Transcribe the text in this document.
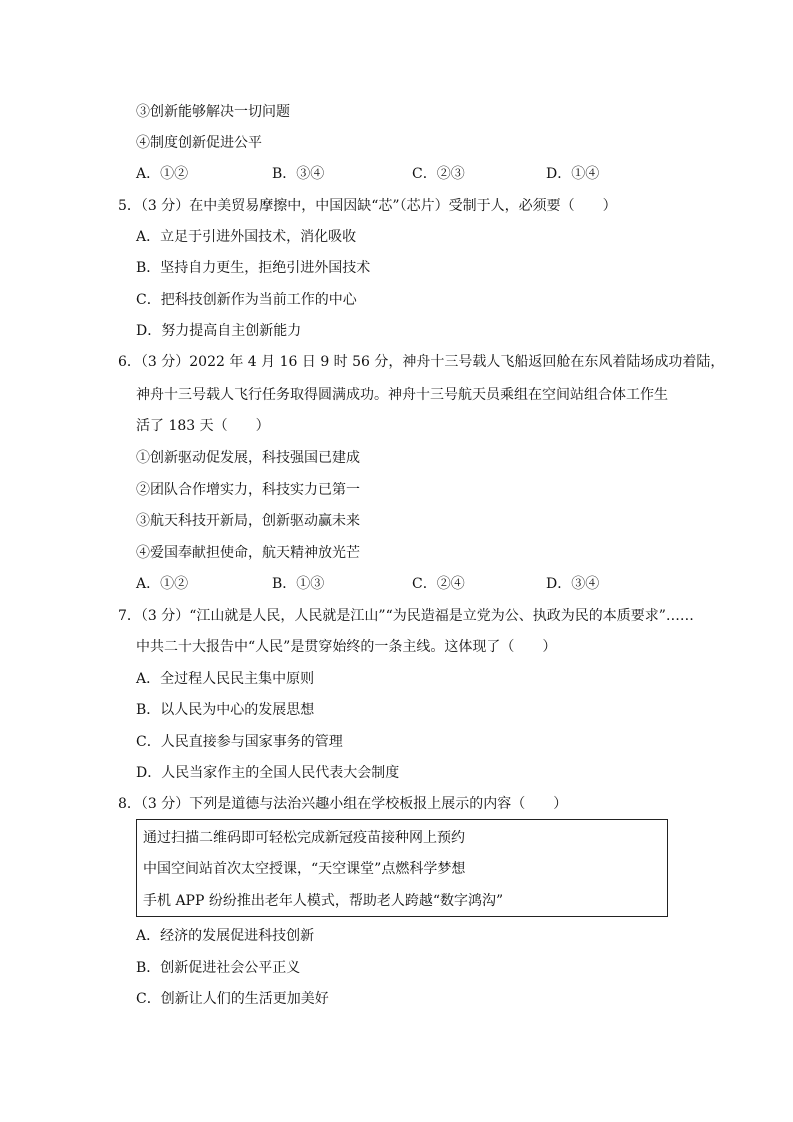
③创新能够解决一切问题
④制度创新促进公平
A．①②	B．③④	C．②③	D．①④
5．（3 分）在中美贸易摩擦中，中国因缺“芯”（芯片）受制于人，必须要（　　）
A．立足于引进外国技术，消化吸收
B．坚持自力更生，拒绝引进外国技术
C．把科技创新作为当前工作的中心
D．努力提高自主创新能力
6．（3 分）2022 年 4 月 16 日 9 时 56 分，神舟十三号载人飞船返回舱在东风着陆场成功着陆，
神舟十三号载人飞行任务取得圆满成功。神舟十三号航天员乘组在空间站组合体工作生
活了 183 天（　　）
①创新驱动促发展，科技强国已建成
②团队合作增实力，科技实力已第一
③航天科技开新局，创新驱动赢未来
④爱国奉献担使命，航天精神放光芒
A．①②	B．①③	C．②④	D．③④
7．（3 分）“江山就是人民，人民就是江山”“为民造福是立党为公、执政为民的本质要求”……
中共二十大报告中“人民”是贯穿始终的一条主线。这体现了（　　）
A．全过程人民民主集中原则
B．以人民为中心的发展思想
C．人民直接参与国家事务的管理
D．人民当家作主的全国人民代表大会制度
8．（3 分）下列是道德与法治兴趣小组在学校板报上展示的内容（　　）
通过扫描二维码即可轻松完成新冠疫苗接种网上预约
中国空间站首次太空授课，“天空课堂”点燃科学梦想
手机 APP 纷纷推出老年人模式，帮助老人跨越“数字鸿沟”
A．经济的发展促进科技创新
B．创新促进社会公平正义
C．创新让人们的生活更加美好
